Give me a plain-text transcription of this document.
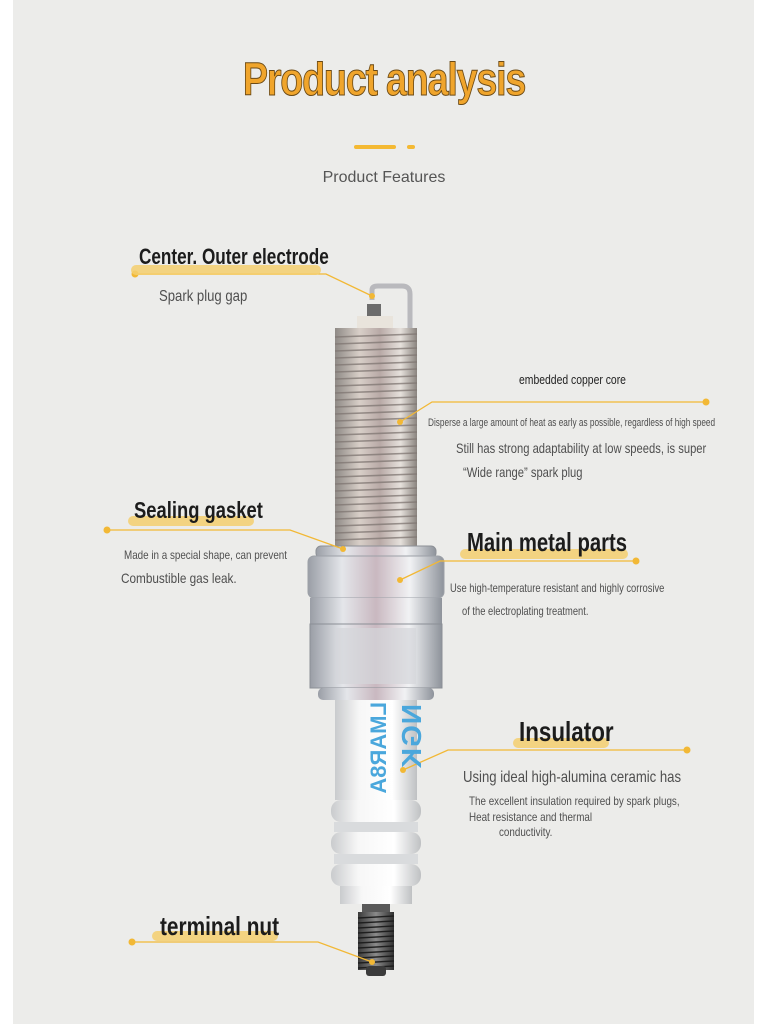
Product analysis
Product Features
NGK
LMAR8A
Center. Outer electrode
Spark plug gap
embedded copper core
Disperse a large amount of heat as early as possible, regardless of high speed
Still has strong adaptability at low speeds, is super
“Wide range” spark plug
Sealing gasket
Made in a special shape, can prevent
Combustible gas leak.
Main metal parts
Use high-temperature resistant and highly corrosive
of the electroplating treatment.
Insulator
Using ideal high-alumina ceramic has
The excellent insulation required by spark plugs,
Heat resistance and thermal
conductivity.
terminal nut
